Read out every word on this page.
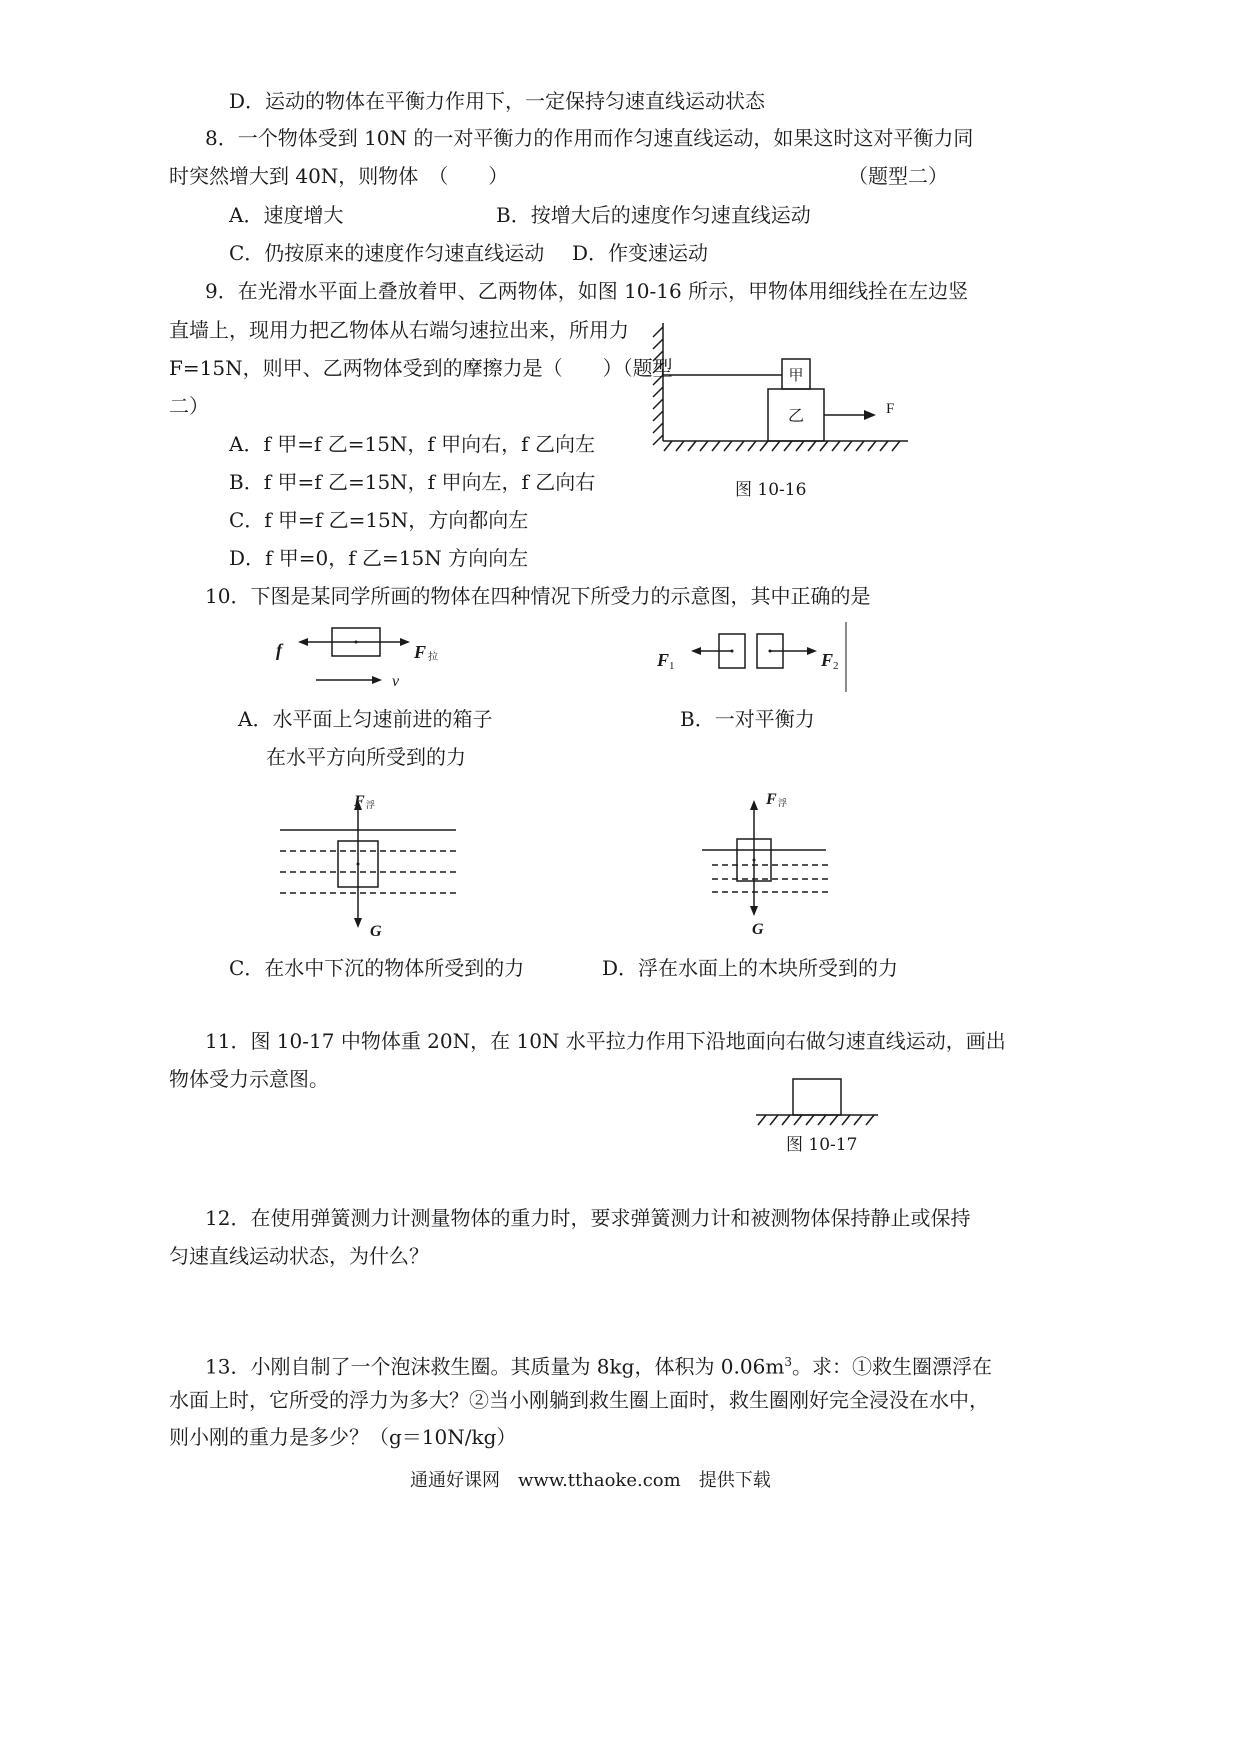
D．运动的物体在平衡力作用下，一定保持匀速直线运动状态
8．一个物体受到 10N 的一对平衡力的作用而作匀速直线运动，如果这时这对平衡力同
时突然增大到 40N，则物体　（　　）	（题型二）
A．速度增大	B．按增大后的速度作匀速直线运动
C．仍按原来的速度作匀速直线运动 D．作变速运动
9．在光滑水平面上叠放着甲、乙两物体，如图 10-16 所示，甲物体用细线拴在左边竖
直墙上，现用力把乙物体从右端匀速拉出来，所用力
F=15N，则甲、乙两物体受到的摩擦力是（　　）（题型
二）
A．f 甲=f 乙=15N，f 甲向右，f 乙向左
B．f 甲=f 乙=15N，f 甲向左，f 乙向右
C．f 甲=f 乙=15N，方向都向左
D．f 甲=0，f 乙=15N 方向向左
甲
乙	F
图 10-16
10．下图是某同学所画的物体在四种情况下所受力的示意图，其中正确的是
f	F 拉
v
F 1	F 2
A．水平面上匀速前进的箱子
在水平方向所受到的力
B．一对平衡力
F 浮
G
F 浮
G
C．在水中下沉的物体所受到的力	D．浮在水面上的木块所受到的力
11．图 10-17 中物体重 20N，在 10N 水平拉力作用下沿地面向右做匀速直线运动，画出
物体受力示意图。
图 10-17
12．在使用弹簧测力计测量物体的重力时，要求弹簧测力计和被测物体保持静止或保持
匀速直线运动状态，为什么？
13．小刚自制了一个泡沫救生圈。其质量为 8kg，体积为 $0.06m^3$。求：①救生圈漂浮在
水面上时，它所受的浮力为多大？②当小刚躺到救生圈上面时，救生圈刚好完全浸没在水中，
则小刚的重力是多少？（g＝10N/kg）
通通好课网　www.tthaoke.com　提供下载
